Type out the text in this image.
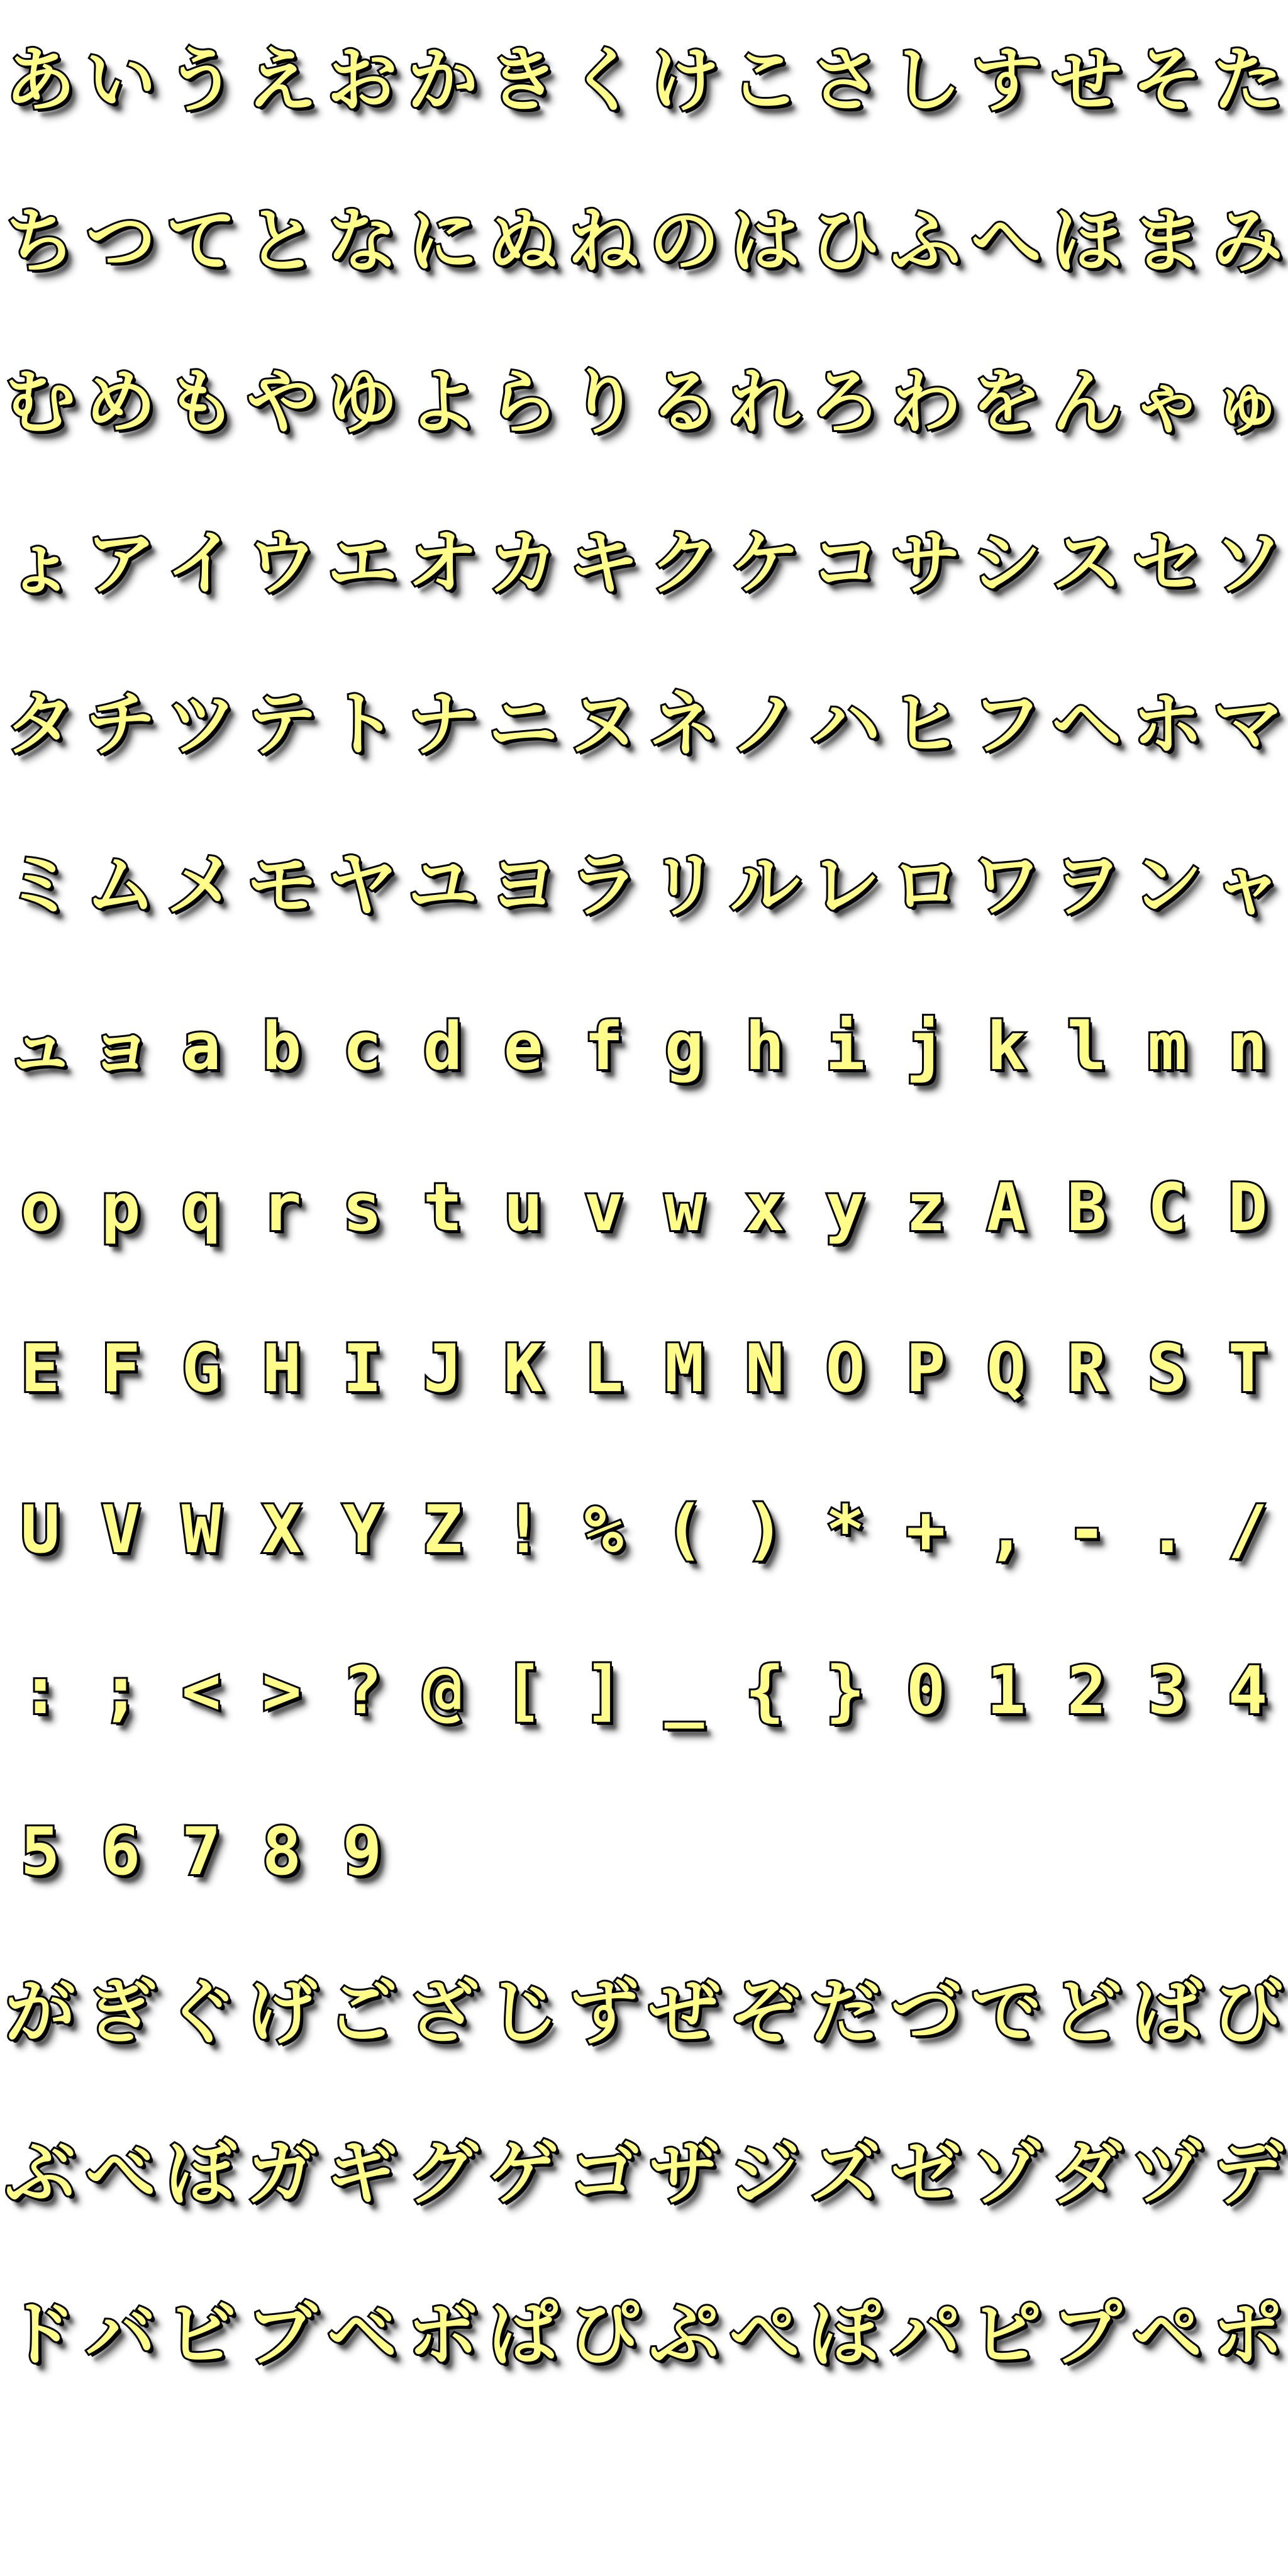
あ い う え お か き く け こ さ し す せ そ た
ち つ て と な に ぬ ね の は ひ ふ へ ほ ま み
む め も や ゆ よ ら り る れ ろ わ を ん ゃ ゅ
ょ ア イ ウ エ オ カ キ ク ケ コ サ シ ス セ ソ
タ チ ツ テ ト ナ ニ ヌ ネ ノ ハ ヒ フ ヘ ホ マ
ミ ム メ モ ヤ ユ ヨ ラ リ ル レ ロ ワ ヲ ン ャ
ュ ョ a b c d e f g h i j k l m n
o p q r s t u v w x y z A B C D
E F G H I J K L M N O P Q R S T
U V W X Y Z ! % ( ) * + , - . /
: ; < > ? @ [ ] _ { } 0 1 2 3 4
5 6 7 8 9
が ぎ ぐ げ ご ざ じ ず ぜ ぞ だ づ で ど ば び
ぶ べ ぼ ガ ギ グ ゲ ゴ ザ ジ ズ ゼ ゾ ダ ヅ デ
ド バ ビ ブ ベ ボ ぱ ぴ ぷ ぺ ぽ パ ピ プ ペ ポ
